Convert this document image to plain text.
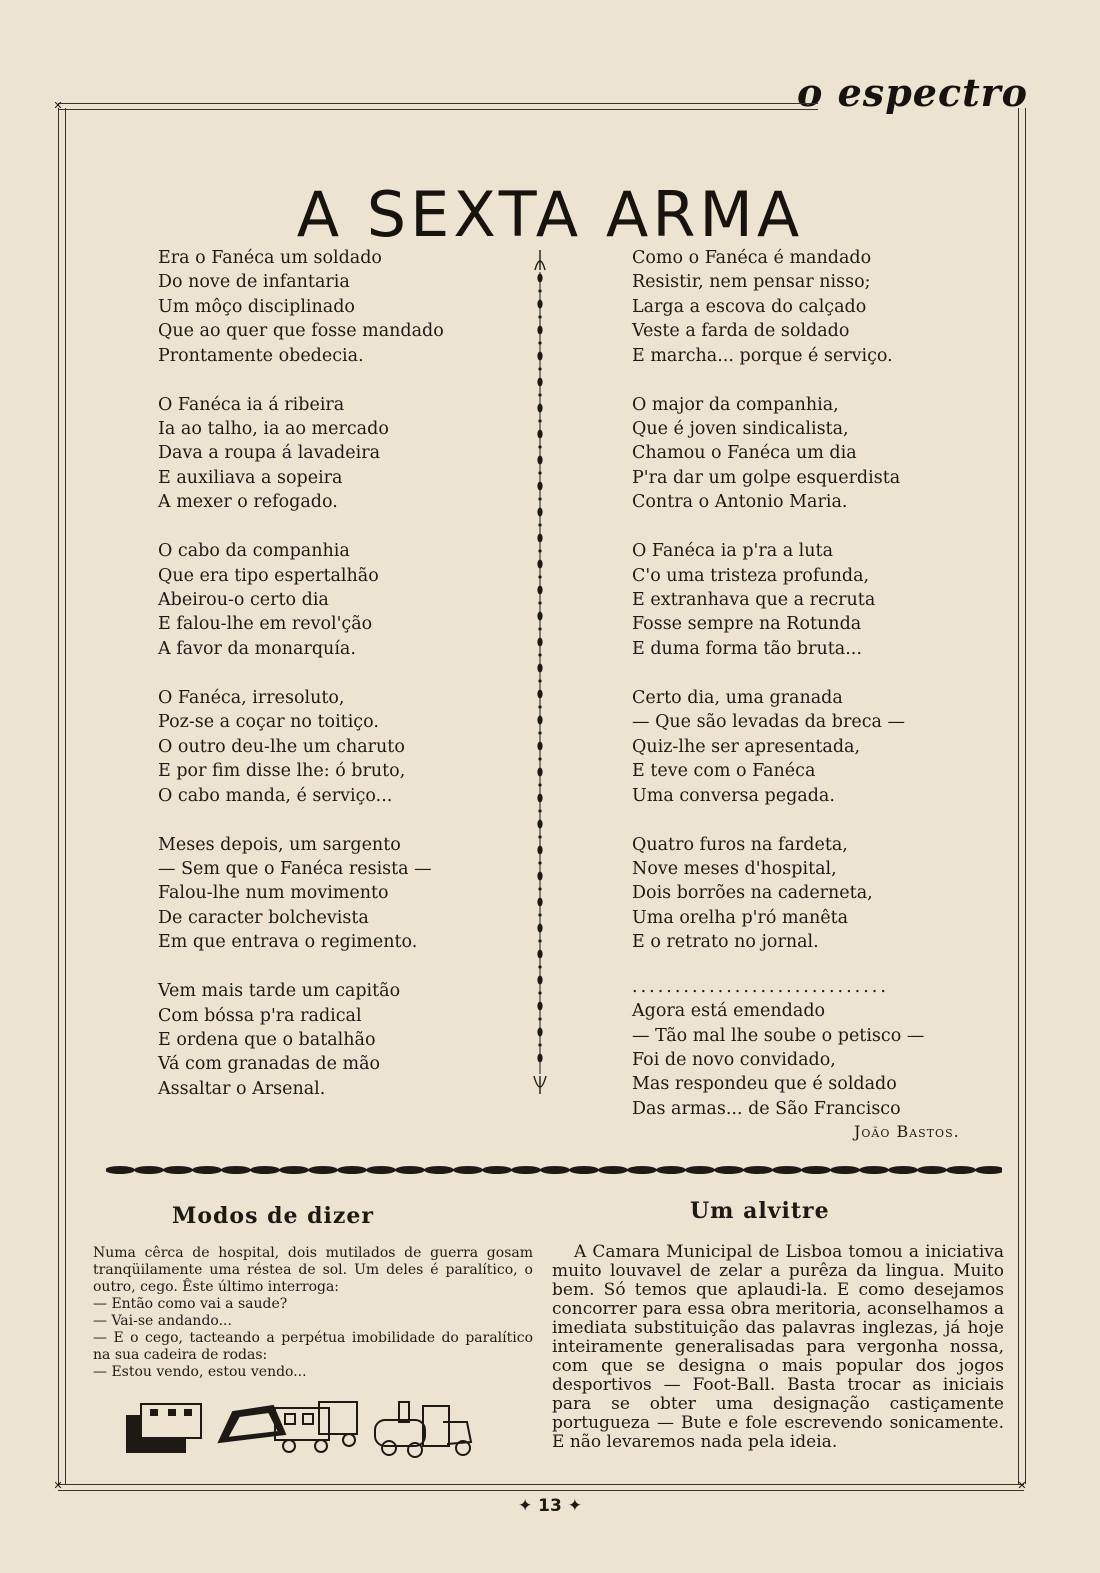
o espectro
✕
A SEXTA ARMA
Era o Fanéca um soldado
Do nove de infantaria
Um môço disciplinado
Que ao quer que fosse mandado
Prontamente obedecia.
O Fanéca ia á ribeira
Ia ao talho, ia ao mercado
Dava a roupa á lavadeira
E auxiliava a sopeira
A mexer o refogado.
O cabo da companhia
Que era tipo espertalhão
Abeirou-o certo dia
E falou-lhe em revol'ção
A favor da monarquía.
O Fanéca, irresoluto,
Poz-se a coçar no toitiço.
O outro deu-lhe um charuto
E por fim disse lhe: ó bruto,
O cabo manda, é serviço...
Meses depois, um sargento
— Sem que o Fanéca resista —
Falou-lhe num movimento
De caracter bolchevista
Em que entrava o regimento.
Vem mais tarde um capitão
Com bóssa p'ra radical
E ordena que o batalhão
Vá com granadas de mão
Assaltar o Arsenal.
Como o Fanéca é mandado
Resistir, nem pensar nisso;
Larga a escova do calçado
Veste a farda de soldado
E marcha... porque é serviço.
O major da companhia,
Que é joven sindicalista,
Chamou o Fanéca um dia
P'ra dar um golpe esquerdista
Contra o Antonio Maria.
O Fanéca ia p'ra a luta
C'o uma tristeza profunda,
E extranhava que a recruta
Fosse sempre na Rotunda
E duma forma tão bruta...
Certo dia, uma granada
— Que são levadas da breca —
Quiz-lhe ser apresentada,
E teve com o Fanéca
Uma conversa pegada.
Quatro furos na fardeta,
Nove meses d'hospital,
Dois borrões na caderneta,
Uma orelha p'ró manêta
E o retrato no jornal.
..............................
Agora está emendado
— Tão mal lhe soube o petisco —
Foi de novo convidado,
Mas respondeu que é soldado
Das armas... de São Francisco
João Bastos.
Modos de dizer
Numa cêrca de hospital, dois mutilados de guerra gosam tranqüilamente uma réstea de sol. Um deles é paralítico, o outro, cego. Êste último interroga:
— Então como vai a saude?
— Vai-se andando...
— E o cego, tacteando a perpétua imobilidade do paralítico na sua cadeira de rodas:
— Estou vendo, estou vendo...
Um alvitre
A Camara Municipal de Lisboa tomou a iniciativa muito louvavel de zelar a purêza da lingua. Muito bem. Só temos que aplaudi-la. E como desejamos concorrer para essa obra meritoria, aconselhamos a imediata substituição das palavras inglezas, já hoje inteiramente generalisadas para vergonha nossa, com que se designa o mais popular dos jogos desportivos — Foot-Ball. Basta trocar as iniciais para se obter uma designação castiçamente portugueza — Bute e fole escrevendo sonicamente. E não levaremos nada pela ideia.
✕	✕
✦ 13 ✦
